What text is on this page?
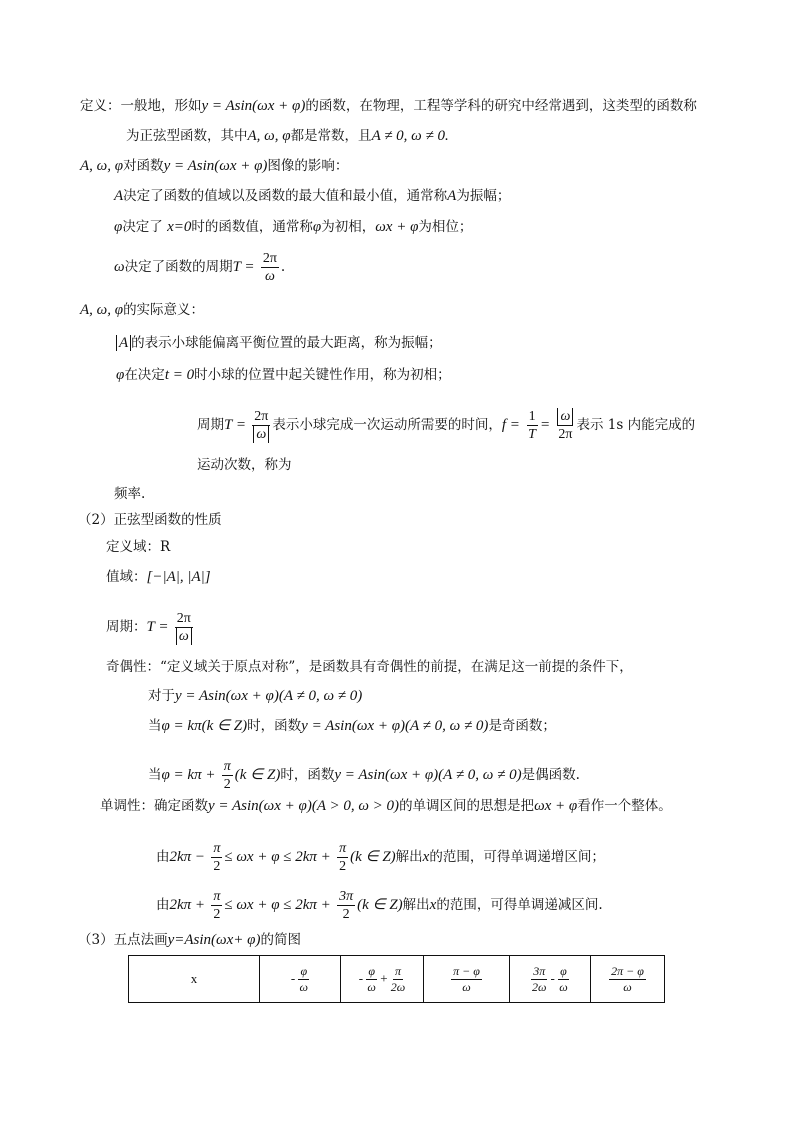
定义：一般地，形如y = Asin(ωx + φ)的函数，在物理，工程等学科的研究中经常遇到，这类型的函数称
为正弦型函数，其中A, ω, φ都是常数，且A ≠ 0, ω ≠ 0.
A, ω, φ对函数y = Asin(ωx + φ)图像的影响：
A决定了函数的值域以及函数的最大值和最小值，通常称A为振幅；
φ决定了 x=0时的函数值，通常称φ为初相，ωx + φ为相位；
ω决定了函数的周期$T = \frac{2\pi}{\omega}$ .
A, ω, φ的实际意义：
A 的表示小球能偏离平衡位置的最大距离，称为振幅；
φ在决定t = 0时小球的位置中起关键性作用，称为初相；
周期$T = \frac{2\pi}{\omega}$ 表示小球完成一次运动所需要的时间，$f = \frac{1}{T} = \frac{\omega}{2\pi}$ 表示 1s 内能完成的
运动次数，称为
频率.
（2）正弦型函数的性质
定义域：R
值域：[−|A|, |A|]
周期：$T = \frac{2\pi}{\omega}$
奇偶性：“定义域关于原点对称”，是函数具有奇偶性的前提，在满足这一前提的条件下，
对于y = Asin(ωx + φ)(A ≠ 0, ω ≠ 0)
当φ = kπ(k ∈ Z)时，函数y = Asin(ωx + φ)(A ≠ 0, ω ≠ 0)是奇函数；
当$\varphi = k\pi + \frac{\pi}{2} (k$ ∈ Z)时，函数y = Asin(ωx + φ)(A ≠ 0, ω ≠ 0)是偶函数.
单调性：确定函数y = Asin(ωx + φ)(A > 0, ω > 0)的单调区间的思想是把ωx + φ看作一个整体。
由$2k\pi - \frac{\pi}{2} \le \omega x + \varphi \le 2k\pi + \frac{\pi}{2} (k$ ∈ Z)解出x的范围，可得单调递增区间；
由$2k\pi + \frac{\pi}{2} \le \omega x + \varphi \le 2k\pi + \frac{3\pi}{2} (k$ ∈ Z)解出x的范围，可得单调递减区间.
（3）五点法画y=Asin(ωx+ φ)的简图
x	- $\frac{\varphi}{\omega}$	- $\frac{\varphi}{\omega} + \frac{\pi}{2\omega}$	$\frac{\pi - \varphi}{\omega}$	$\frac{3\pi}{2\omega} - \frac{\varphi}{\omega}$	$\frac{2\pi - \varphi}{\omega}$
